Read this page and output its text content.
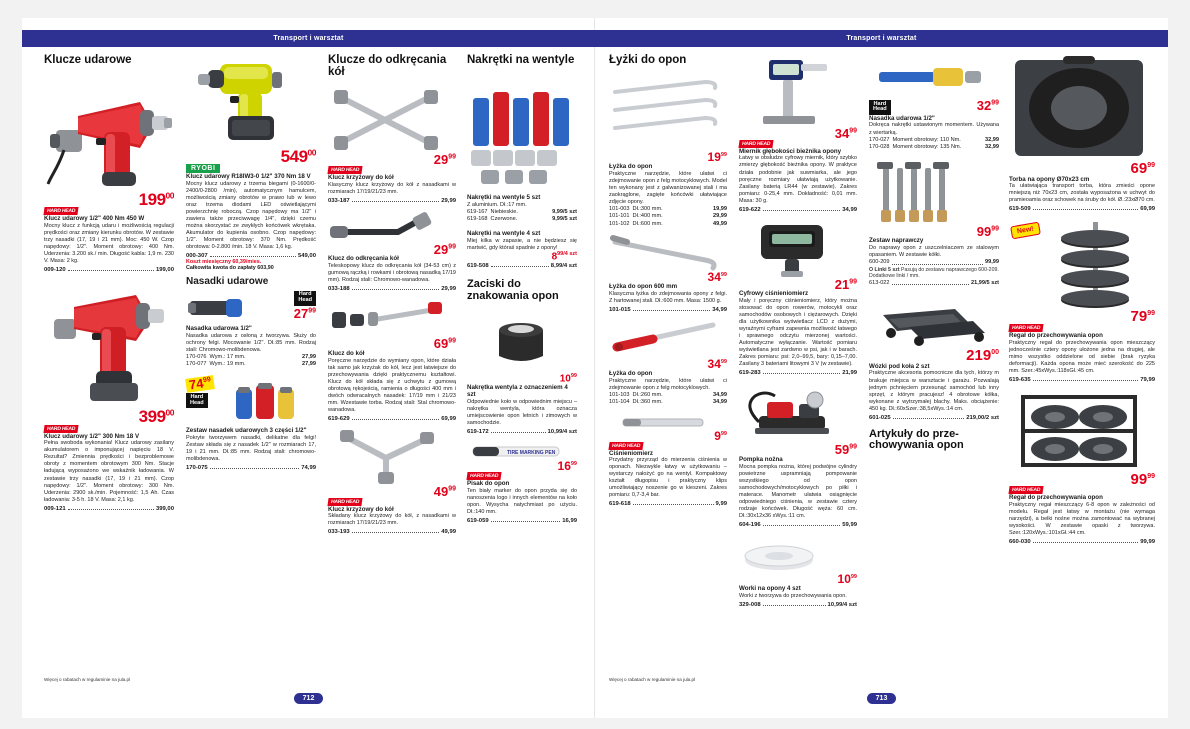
Transport i warsztat
Klucze udarowe
$199^{00}$
HARD HEAD
Klucz udarowy 1/2" 400 Nm 450 W
Mocny klucz z funkcją udaru i możliwością regulacji prędkości oraz zmiany kierunku obrotów. W zestawie trzy nasadki (17, 19 i 21 mm). Moc: 450 W. Czop napędowy: 1/2". Moment obrotowy: 400 Nm. Uderzenia: 3.200 sk./ min. Długość kabla: 1,9 m. 230 V. Masa: 2 kg.
009-120	199,00
$399^{00}$
HARD HEAD
Klucz udarowy 1/2" 300 Nm 18 V
Pełna swoboda wykonania! Klucz udarowy zasilany akumulatorem o imponującej napięciu 18 V. Rezultat? Zmiennia prędkości i bezproblemowe obroty z momentem obrotowym 300 Nm. Stacje ładującą wyposażono we wskaźnik ładowania. W zestawie trzy nasadki (17, 19 i 21 mm). Czop napędowy: 1/2". Moment obrotowy: 300 Nm. Uderzenia: 2900 sk./min. Pojemność: 1,5 Ah. Czas ładowania: 3-5 h. 18 V. Masa: 2,1 kg.
009-121	399,00
$549^{00}$
RYOBI
Klucz udarowy R18IW3-0 1/2" 370 Nm 18 V
Mocny klucz udarowy z trzema biegami (0-1600/0-2400/0-2800 /min), automatycznym hamulcem, możliwością zmiany obrotów w prawo lub w lewo oraz trzema diodami LED oświetlającymi powierzchnię roboczą. Czop napędowy ma 1/2" i zawiera także przeciwwagę 1/4", dzięki czemu można skorzystać ze zwykłych końcówek wkrętaka. Akumulator do kupienia osobno. Czop napędowy: 1/2". Moment obrotowy: 370 Nm. Prędkość obrotowa: 0-2.800 /min. 18 V. Masa: 1,6 kg.
000-307	549,00
Koszt miesięczny 60,39/mies.
Całkowita kwota do zapłaty 603,90
Nasadki udarowe
Hard
Head
$27^{99}$
Nasadka udarowa 1/2"
Nasadka udarowa z osłoną z tworzywa. Służy do ochrony felgi. Mocowanie 1/2". Dł.:85 mm. Rodzaj stali: Chromowo-molibdenowa.
170-076 Wym.: 17 mm.	27,99
170-077 Wym.: 19 mm.	27,99
$74^{99}$
Hard
Head
Zestaw nasadek udarowych 3 części 1/2"
Pokryte tworzywem nasadki, delikatne dla felgi! Zestaw składa się z nasadek 1/2" w rozmiarach 17, 19 i 21 mm. Dł.:85 mm. Rodzaj stali: chromowo-molibdenowa.
170-075	74,99
Klucze do odkręcania kół
$29^{99}$
HARD HEAD
Klucz krzyżowy do kół
Klasyczny klucz krzyżowy do kół z nasadkami w rozmiarach 17/19/21/23 mm.
033-187	29,99
$29^{99}$
Klucz do odkręcania kół
Teleskopowy klucz do odkręcania kół (34-53 cm) z gumową rączką i rowkami i obrotową nasadką 17/19 mm). Rodzaj stali: Chromowo-wanadowa.
033-188	29,99
$69^{99}$
Klucz do kół
Poręczne narzędzie do wymiany opon, które działa tak samo jak krzyżak do kół, lecz jest łatwiejsze do przechowywania dzięki praktycznemu kształtowi. Klucz do kół składa się z uchwytu z gumową obrotową rękojeścią, ramienia o długości 400 mm i dwóch odwracalnych nasadek: 17/19 mm i 21/23 mm. Wzestawie torba. Rodzaj stali: Stal chromowo-wanadowa.
619-629	69,99
$49^{99}$
HARD HEAD
Klucz krzyżowy do kół
Składany klucz krzyżowy do kół, z nasadkami w rozmiarach 17/19/21/23 mm.
033-193	49,99
Nakrętki na wentyle
Nakrętki na wentyle 5 szt
Z aluminium. Dł.:17 mm.
619-167 Niebieskie.	9,99/5 szt
619-168 Czerwone.	9,99/5 szt
Nakrętki na wentyle 4 szt
Miej kilka w zapasie, a nie będziesz się martwić, gdy któraś spadnie z opony!
$8^{99/4 szt}$
619-508	8,99/4 szt
Zaciski do znakowania opon
$10^{99}$
Nakrętka wentyla z oznaczeniem 4 szt
Odpowiednie koło w odpowiednim miejscu – nakrętka wentyla, która oznacza umiejscowienie opon letnich i zimowych w samochodzie.
619-172	10,99/4 szt
TIRE MARKING PEN
$16^{99}$
HARD HEAD
Pisak do opon
Ten biały marker do opon przyda się do nanoszenia logo i innych elementów na koło opon. Wysycha natychmiast po użyciu. Dł.:140 mm.
619-059	16,99
Więcej o rabatach w regulaminie na jula.pl
712
Transport i warsztat
Łyżki do opon
$19^{99}$
Łyżka do opon
Praktyczne narzędzie, które ułatwi ci zdejmowanie opon z felg motocyklowych. Model ten wykonany jest z galwanizowanej stali i ma zaokrąglone, zagięte końcówki ułatwiające zdjęcie opony.
101-003 Dł.:300 mm.	19,99
101-101 Dł.:400 mm.	29,99
101-102 Dł.:600 mm.	49,99
$34^{99}$
Łyżka do opon 600 mm
Klasyczna łyżka do zdejmowania opony z felgi. Z hartowanej stali. Dł.:600 mm. Masa: 1500 g.
101-015	34,99
$34^{99}$
Łyżka do opon
Praktyczne narzędzie, które ułatwi ci zdejmowanie opon z felg motocyklowych.
101-103 Dł.:260 mm.	34,99
101-104 Dł.:360 mm.	34,99
$9^{99}$
HARD HEAD
Ciśnieniomierz
Przydatny przyrząd do mierzenia ciśnienia w oponach. Niezwykle łatwy w użytkowaniu – wystarczy nałożyć go na wentyl. Kompaktowy kształt długopisu i praktyczny klips umożliwiający noszenie go w kieszeni. Zakres pomiaru: 0,7-3,4 bar.
619-618	9,99
$34^{99}$
HARD HEAD
Miernik głębokości bieżnika opony
Łatwy w obsłudze cyfrowy miernik, który szybko zmierzy głębokość bieżnika opony. W praktyce działa podobnie jak suwmiarka, ale jego poręczne rozmiary ułatwiają użytkowanie. Zasilany baterią LR44 (w zestawie). Zakres pomiaru: 0-25,4 mm. Dokładność: 0,01 mm. Masa: 30 g.
619-622	34,99
$21^{99}$
Cyfrowy ciśnieniomierz
Mały i poręczny ciśnieniomierz, który można stosować do opon rowerów, motocykli oraz samochodów osobowych i ciężarowych. Dzięki dla użytkownika wyświetlacz LCD z dużymi, wyraźnymi cyframi zapewnia możliwość łatwego i sprawnego odczytu mierzonej wartości. Automatyczne wyłączanie. Wartość pomiaru wyświetlana jest zardwno w psi, jak i w barach. Zakres pomiaru: psi: 2,0–99,5, bary: 0,15–7,00. Zasilany 3 bateriami litowymi 3 V (w zestawie).
619-283	21,99
$59^{99}$
Pompka nożna
Mocna pompka nożna, której podwójne cylindry powietrzne uspramniają pompowanie wszystkiego od opon samochodowych/motocyklowych po piłki i materace. Manometr ułatwia osiągnięcie odpowiedniego ciśnienia, w zestawie cztery rodzaje końcówek. Długość węża: 60 cm. Dł.:30x12x36 xWys.:11 cm.
604-196	59,99
$10^{99}$
Worki na opony 4 szt
Worki z tworzywa do przechowywania opon.
329-008	10,99/4 szt
Hard
Head	$32^{99}$
Nasadka udarowa 1/2"
Dokręca nakrętki ustawionym momentem. Używana z wiertarką.
170-027 Moment obrotowy: 110 Nm.	32,99
170-028 Moment obrotowy: 135 Nm.	32,99
$99^{99}$
Zestaw naprawczy
Do naprawy opon z uszczelniaczem ze stalowym opasaniem. W zestawie kółki.
600-209	99,99
O Linki 5 szt Pasują do zestawu naprawczego 600-209. Dodatkowe linki / mm.
613-022	21,99/5 szt
$219^{00}$
Wózki pod koła 2 szt
Praktyczne akcesoria pomocnicze dla tych, którzy m brakuje miejsca w warsztacie i garażu. Pozwalają jednym pchnięciem przesunąć samochód lub inny sprzęt, z którym pracujesz! 4 obrotowe kółka, wykonane z wytrzymałej blachy. Maks. obciążenie: 450 kg. Dł.:60xSzer.:38,5xWys.:14 cm.
601-025	219,00/2 szt
Artykuły do prze-chowywania opon
$69^{99}$
Torba na opony Ø70x23 cm
Ta ułatwiająca transport torba, która zmieści opone mniejszą niż 70x23 cm, została wyposażona w uchwyt do pramieoamia oraz schowek na śruby do kół. Ø.:23xØ70 cm.
619-509	69,99
New!
$79^{99}$
HARD HEAD
Regał do przechowywania opon
Praktyczny regał do przechowywania opon mieszczący jednocześnie cztery opony ułożone jedna na drugiej, ale mimo wszystko oddzielone od siebie (brak ryzyka deformacji). Każda opona może mieć szerokość do 225 mm. Szer.:45xWys.:118xGł.:45 cm.
619-635	79,99
$99^{99}$
HARD HEAD
Regał do przechowywania opon
Praktyczny regał mieszczący 6-8 opon w zależności od modelu. Regał jest łatwy w montażu (nie wymaga narzędzi), a belki nośne można zamontować na wybranej wysokości. W zestawie opaski z tworzywa. Szer.:120xWys.:101xGł.:44 cm.
660-030	99,99
Więcej o rabatach w regulaminie na jula.pl
713
